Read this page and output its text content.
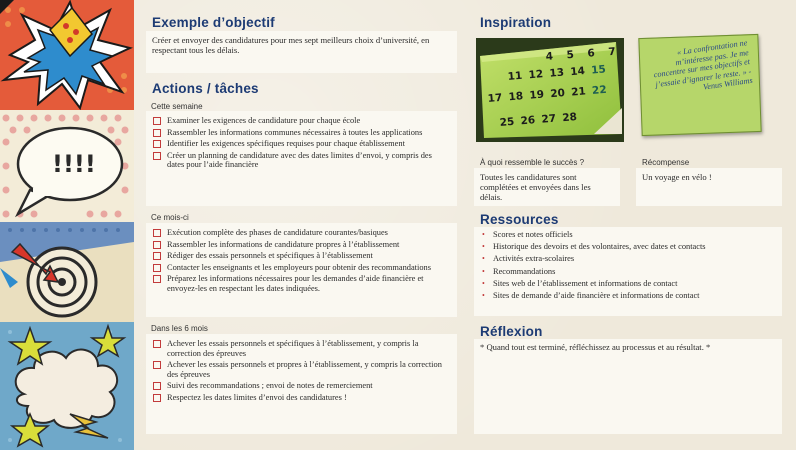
!!!!
Exemple d’objectif
Créer et envoyer des candidatures pour mes sept meilleurs choix d’université, en respectant tous les délais.
Actions / tâches
Cette semaine
Examiner les exigences de candidature pour chaque école
Rassembler les informations communes nécessaires à toutes les applications
Identifier les exigences spécifiques requises pour chaque établissement
Créer un planning de candidature avec des dates limites d’envoi, y compris des dates pour l’aide financière
Ce mois-ci
Exécution complète des phases de candidature courantes/basiques
Rassembler les informations de candidature propres à l’établissement
Rédiger des essais personnels et spécifiques à l’établissement
Contacter les enseignants et les employeurs pour obtenir des recommandations
Préparez les informations nécessaires pour les demandes d’aide financière et envoyez-les en respectant les dates indiquées.
Dans les 6 mois
Achever les essais personnels et spécifiques à l’établissement, y compris la correction des épreuves
Achever les essais personnels et propres à l’établissement, y compris la correction des épreuves
Suivi des recommandations ; envoi de notes de remerciement
Respectez les dates limites d’envoi des candidatures !
Inspiration
4 5 6 7
11 12 13 14 15
17 18 19 20 21 22
25 26 27 28

« La confrontation ne m’intéresse pas. Je me concentre sur mes objectifs et j’essaie d’ignorer le reste. » -Venus Williams

À quoi ressemble le succès ?
Toutes les candidatures sont complétées et envoyées dans les délais.
Récompense
Un voyage en vélo !
Ressources
• Scores et notes officiels
• Historique des devoirs et des volontaires, avec dates et contacts
• Activités extra-scolaires
• Recommandations
• Sites web de l’établissement et informations de contact
• Sites de demande d’aide financière et informations de contact
Réflexion
* Quand tout est terminé, réfléchissez au processus et au résultat. *
